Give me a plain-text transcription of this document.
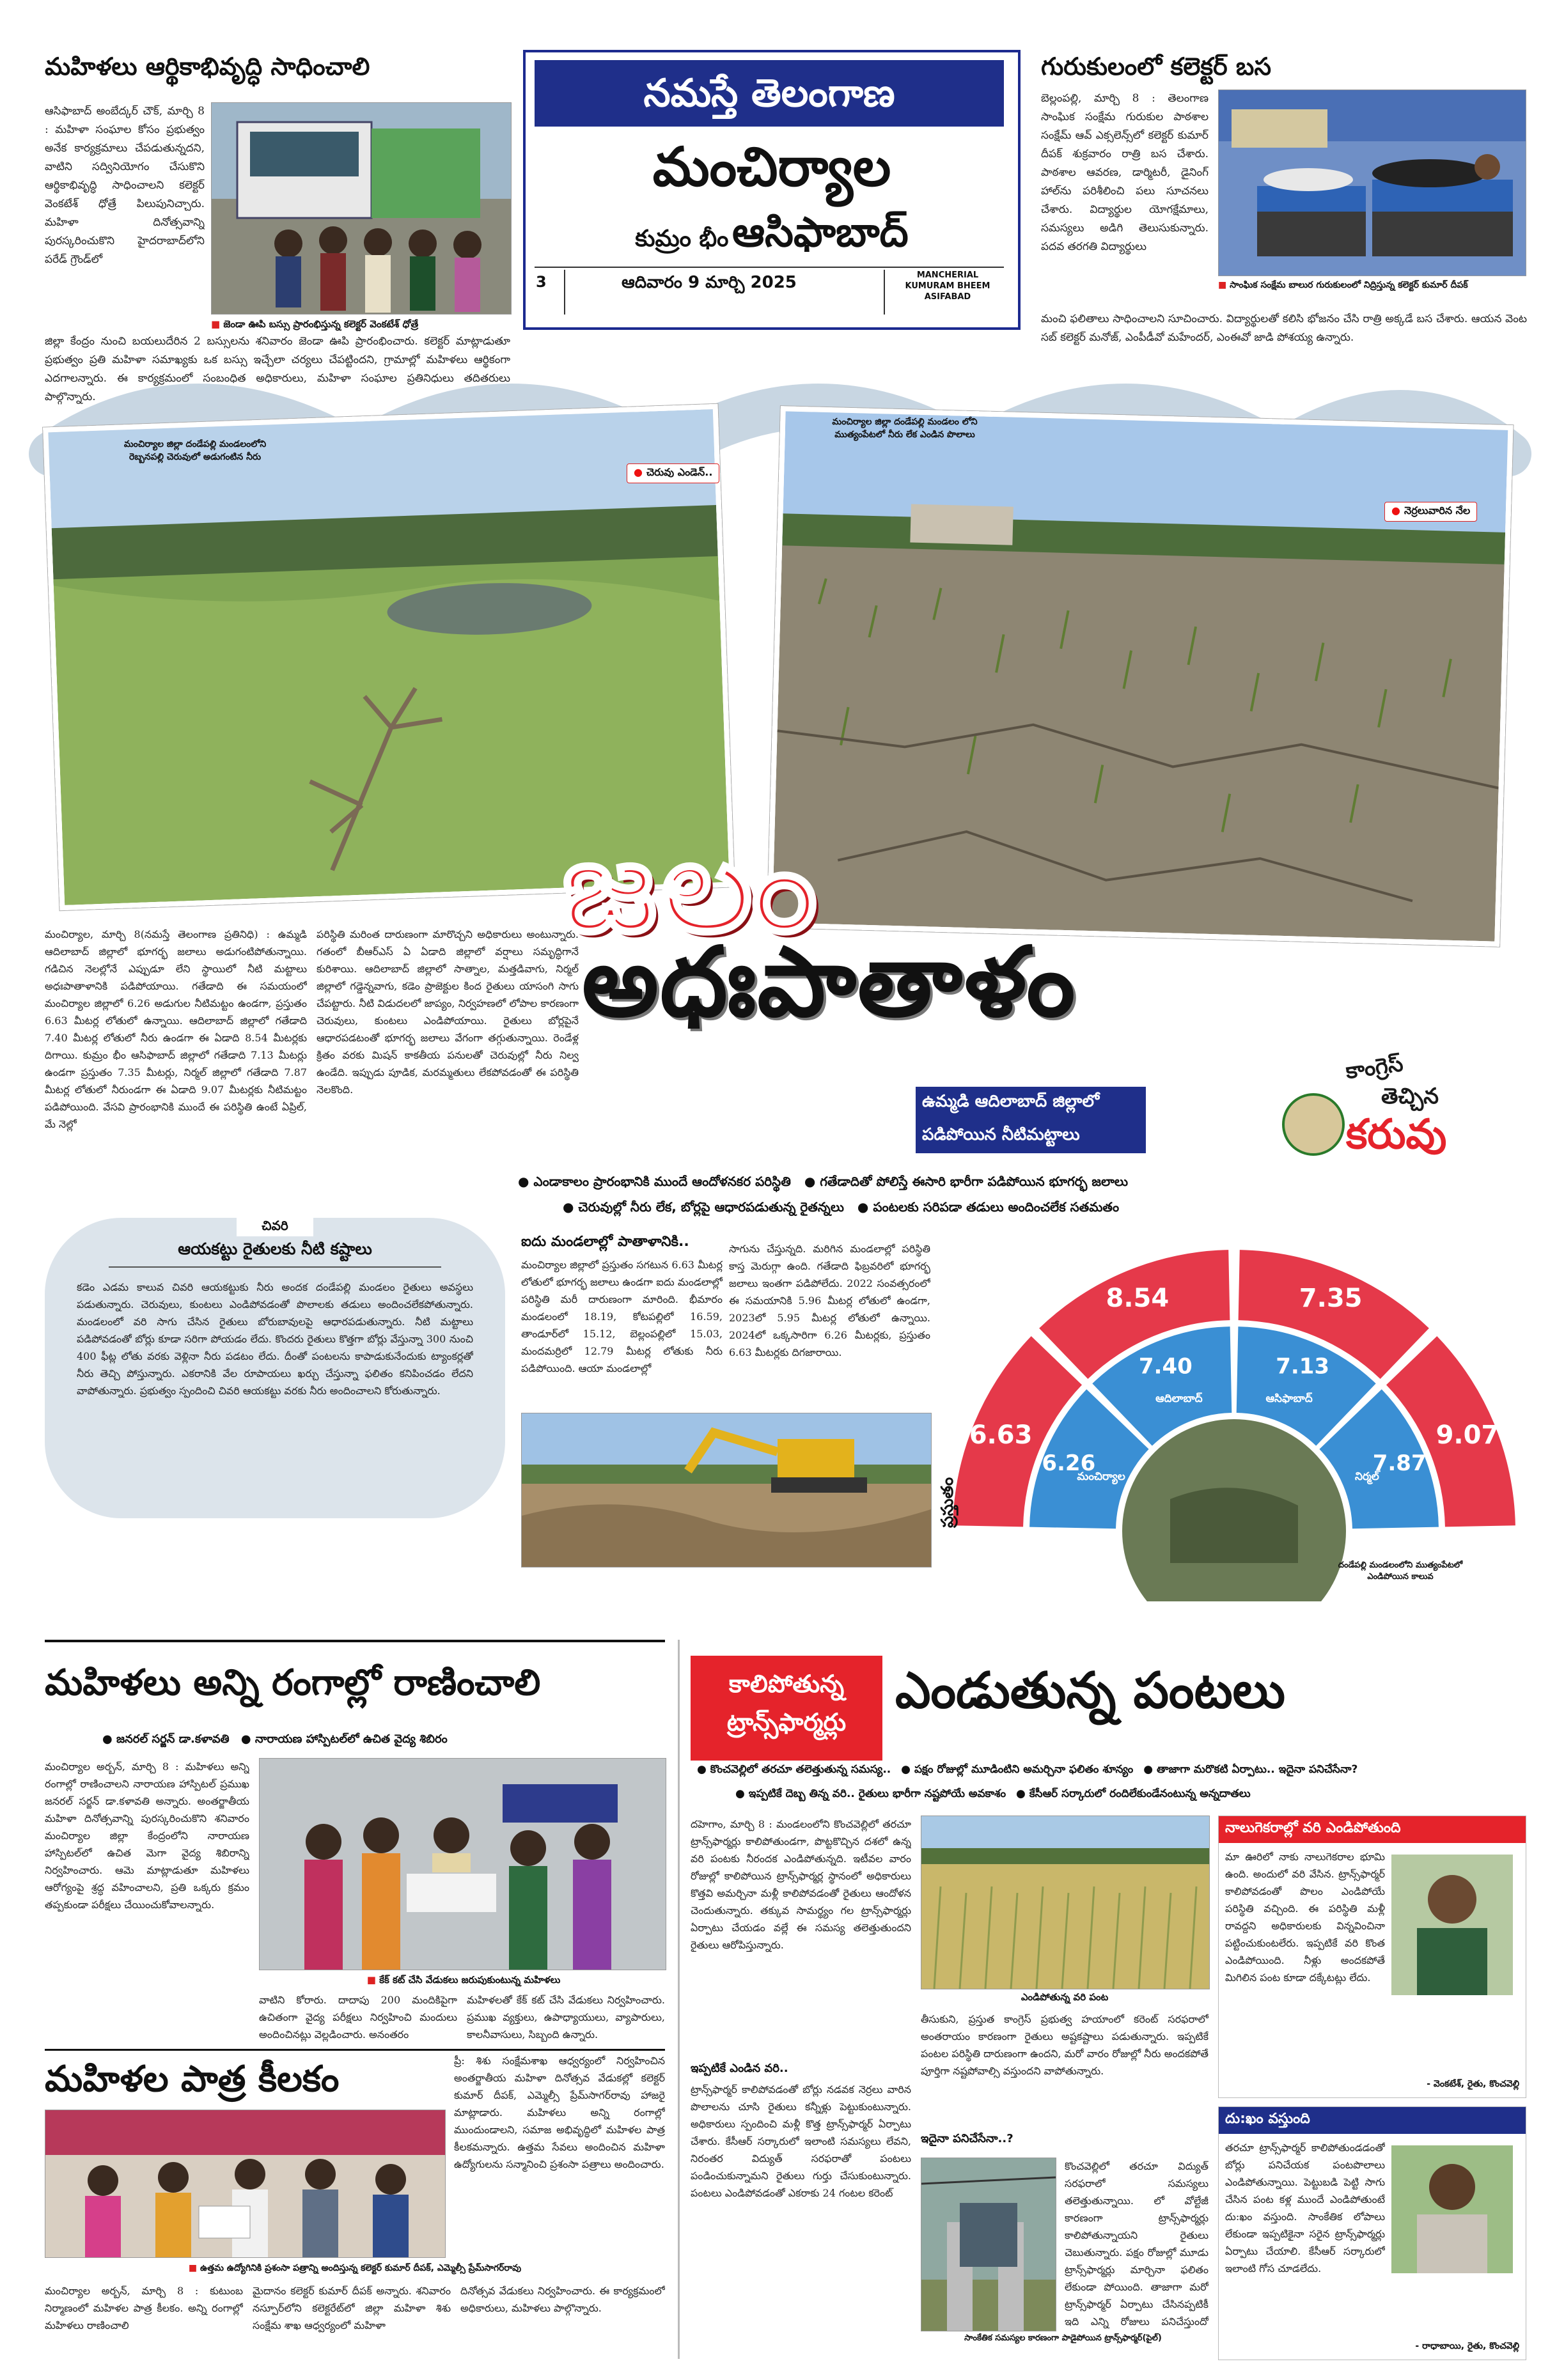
మహిళలు ఆర్థికాభివృద్ధి సాధించాలి
ఆసిఫాబాద్ అంబేద్కర్ చౌక్, మార్చి 8 : మహిళా సంఘాల కోసం ప్రభుత్వం అనేక కార్యక్రమాలు చేపడుతున్నదని, వాటిని సద్వినియోగం చేసుకొని ఆర్థికాభివృద్ధి సాధించాలని కలెక్టర్ వెంకటేశ్ ధోత్రే పిలుపునిచ్చారు. మహిళా దినోత్సవాన్ని పురస్కరించుకొని హైదరాబాద్‌లోని పరేడ్ గ్రౌండ్‌లో
■ జెండా ఊపి బస్సు ప్రారంభిస్తున్న కలెక్టర్ వెంకటేశ్ ధోత్రే
జిల్లా కేంద్రం నుంచి బయలుదేరిన 2 బస్సులను శనివారం జెండా ఊపి ప్రారంభించారు. కలెక్టర్ మాట్లాడుతూ ప్రభుత్వం ప్రతి మహిళా సమాఖ్యకు ఒక బస్సు ఇచ్చేలా చర్యలు చేపట్టిందని, గ్రామాల్లో మహిళలు ఆర్థికంగా ఎదగాలన్నారు. ఈ కార్యక్రమంలో సంబంధిత అధికారులు, మహిళా సంఘాల ప్రతినిధులు తదితరులు పాల్గొన్నారు.
నమస్తే తెలంగాణ
మంచిర్యాల
కుమ్రం భీం ఆసిఫాబాద్
3	ఆదివారం 9 మార్చి 2025	MANCHERIAL
KUMURAM BHEEM
ASIFABAD
గురుకులంలో కలెక్టర్ బస
బెల్లంపల్లి, మార్చి 8 : తెలంగాణ సాంఘిక సంక్షేమ గురుకుల పాఠశాల సంక్షేమ్ ఆవ్ ఎక్సలెన్స్‌లో కలెక్టర్ కుమార్ దీపక్ శుక్రవారం రాత్రి బస చేశారు. పాఠశాల ఆవరణ, డార్మిటరీ, డైనింగ్ హాల్‌ను పరిశీలించి పలు సూచనలు చేశారు. విద్యార్థుల యోగక్షేమాలు, సమస్యలు అడిగి తెలుసుకున్నారు. పదవ తరగతి విద్యార్థులు
■ సాంఘిక సంక్షేమ బాలుర గురుకులంలో నిద్రిస్తున్న కలెక్టర్ కుమార్ దీపక్
మంచి ఫలితాలు సాధించాలని సూచించారు. విద్యార్థులతో కలిసి భోజనం చేసి రాత్రి అక్కడే బస చేశారు. ఆయన వెంట సబ్ కలెక్టర్ మనోజ్, ఎంపీడీవో మహేందర్, ఎంఈవో జాడి పోశయ్య ఉన్నారు.
మంచిర్యాల జిల్లా దండేపల్లి మండలంలోని రెబ్బనపల్లి చెరువులో అడుగంటిన నీరు
● చెరువు ఎండెన్..
మంచిర్యాల జిల్లా దండేపల్లి మండలం లోని ముత్యంపేటలో నీరు లేక ఎండిన పొలాలు
● నెర్రలువారిన నేల
జలం
అధఃపాతాళం
ఉమ్మడి ఆదిలాబాద్ జిల్లాలో
పడిపోయిన నీటిమట్టాలు
కాంగ్రెస్
తెచ్చిన
కరువు
మంచిర్యాల, మార్చి 8(నమస్తే తెలంగాణ ప్రతినిధి) : ఉమ్మడి ఆదిలాబాద్ జిల్లాలో భూగర్భ జలాలు అడుగంటిపోతున్నాయి. గడిచిన నెలల్లోనే ఎప్పుడూ లేని స్థాయిలో నీటి మట్టాలు అధఃపాతాళానికి పడిపోయాయి. గతేడాది ఈ సమయంలో మంచిర్యాల జిల్లాలో 6.26 అడుగుల నీటిమట్టం ఉండగా, ప్రస్తుతం 6.63 మీటర్ల లోతులో ఉన్నాయి. ఆదిలాబాద్ జిల్లాలో గతేడాది 7.40 మీటర్ల లోతులో నీరు ఉండగా ఈ ఏడాది 8.54 మీటర్లకు దిగాయి. కుమ్రం భీం ఆసిఫాబాద్ జిల్లాలో గతేడాది 7.13 మీటర్లు ఉండగా ప్రస్తుతం 7.35 మీటర్లు, నిర్మల్ జిల్లాలో గతేడాది 7.87 మీటర్ల లోతులో నీరుండగా ఈ ఏడాది 9.07 మీటర్లకు నీటిమట్టం పడిపోయింది. వేసవి ప్రారంభానికి ముందే ఈ పరిస్థితి ఉంటే ఏప్రిల్, మే నెల్లో
పరిస్థితి మరింత దారుణంగా మారొచ్చని అధికారులు అంటున్నారు. గతంలో బీఆర్‌ఎస్ ఏ ఏడాది జిల్లాలో వర్షాలు సమృద్ధిగానే కురిశాయి. ఆదిలాబాద్ జిల్లాలో సాత్నాల, మత్తడివాగు, నిర్మల్ జిల్లాలో గడ్డెన్నవాగు, కడెం ప్రాజెక్టుల కింద రైతులు యాసంగి సాగు చేపట్టారు. నీటి విడుదలలో జాప్యం, నిర్వహణలో లోపాల కారణంగా చెరువులు, కుంటలు ఎండిపోయాయి. రైతులు బోర్లపైనే ఆధారపడటంతో భూగర్భ జలాలు వేగంగా తగ్గుతున్నాయి. రెండేళ్ల క్రితం వరకు మిషన్ కాకతీయ పనులతో చెరువుల్లో నీరు నిల్వ ఉండేది. ఇప్పుడు పూడిక, మరమ్మతులు లేకపోవడంతో ఈ పరిస్థితి నెలకొంది.
● ఎండాకాలం ప్రారంభానికి ముందే ఆందోళనకర పరిస్థితి ● గతేడాదితో పోలిస్తే ఈసారి భారీగా పడిపోయిన భూగర్భ జలాలు
● చెరువుల్లో నీరు లేక, బోర్లపై ఆధారపడుతున్న రైతన్నలు ● పంటలకు సరిపడా తడులు అందించలేక సతమతం
చివరి
ఆయకట్టు రైతులకు నీటి కష్టాలు
కడెం ఎడమ కాలువ చివరి ఆయకట్టుకు నీరు అందక దండేపల్లి మండలం రైతులు అవస్థలు పడుతున్నారు. చెరువులు, కుంటలు ఎండిపోవడంతో పొలాలకు తడులు అందించలేకపోతున్నారు. మండలంలో వరి సాగు చేసిన రైతులు బోరుబావులపై ఆధారపడుతున్నారు. నీటి మట్టాలు పడిపోవడంతో బోర్లు కూడా సరిగా పోయడం లేదు. కొందరు రైతులు కొత్తగా బోర్లు వేస్తున్నా 300 నుంచి 400 ఫీట్ల లోతు వరకు వెళ్లినా నీరు పడటం లేదు. దీంతో పంటలను కాపాడుకునేందుకు ట్యాంకర్లతో నీరు తెచ్చి పోస్తున్నారు. ఎకరానికి వేల రూపాయలు ఖర్చు చేస్తున్నా ఫలితం కనిపించడం లేదని వాపోతున్నారు. ప్రభుత్వం స్పందించి చివరి ఆయకట్టు వరకు నీరు అందించాలని కోరుతున్నారు.
ఐదు మండలాల్లో పాతాళానికి..
మంచిర్యాల జిల్లాలో ప్రస్తుతం సగటున 6.63 మీటర్ల లోతులో భూగర్భ జలాలు ఉండగా ఐదు మండలాల్లో పరిస్థితి మరీ దారుణంగా మారింది. భీమారం మండలంలో 18.19, కోటపల్లిలో 16.59, తాండూర్‌లో 15.12, బెల్లంపల్లిలో 15.03, మందమర్రిలో 12.79 మీటర్ల లోతుకు నీరు పడిపోయింది. ఆయా మండలాల్లో
సాగును చేస్తున్నది. మరిగిన మండలాల్లో పరిస్థితి కాస్త మెరుగ్గా ఉంది. గతేడాది ఫిబ్రవరిలో భూగర్భ జలాలు ఇంతగా పడిపోలేదు. 2022 సంవత్సరంలో ఈ సమయానికి 5.96 మీటర్ల లోతులో ఉండగా, 2023లో 5.95 మీటర్ల లోతులో ఉన్నాయి. 2024లో ఒక్కసారిగా 6.26 మీటర్లకు, ప్రస్తుతం 6.63 మీటర్లకు దిగజారాయి.
6.63
6.26
మంచిర్యాల
8.54
7.40
ఆదిలాబాద్
7.35
7.13
ఆసిఫాబాద్
9.07
7.87
నిర్మల్
ప్రస్తుతం
దండేపల్లి మండలంలోని ముత్యంపేటలో ఎండిపోయిన కాలువ
మహిళలు అన్ని రంగాల్లో రాణించాలి
● జనరల్ సర్జన్ డా.కళావతి ● నారాయణ హాస్పిటల్‌లో ఉచిత వైద్య శిబిరం
మంచిర్యాల అర్బన్, మార్చి 8 : మహిళలు అన్ని రంగాల్లో రాణించాలని నారాయణ హాస్పిటల్ ప్రముఖ జనరల్ సర్జన్ డా.కళావతి అన్నారు. అంతర్జాతీయ మహిళా దినోత్సవాన్ని పురస్కరించుకొని శనివారం మంచిర్యాల జిల్లా కేంద్రంలోని నారాయణ హాస్పిటల్‌లో ఉచిత మెగా వైద్య శిబిరాన్ని నిర్వహించారు. ఆమె మాట్లాడుతూ మహిళలు ఆరోగ్యంపై శ్రద్ధ వహించాలని, ప్రతి ఒక్కరు క్రమం తప్పకుండా పరీక్షలు చేయించుకోవాలన్నారు.
■ కేక్ కట్ చేసి వేడుకలు జరుపుకుంటున్న మహిళలు
వాటిని కోరారు. దాదాపు 200 మందికిపైగా ఉచితంగా వైద్య పరీక్షలు నిర్వహించి మందులు అందించినట్లు వెల్లడించారు. అనంతరం
మహిళలతో కేక్ కట్ చేసి వేడుకలు నిర్వహించారు. ప్రముఖ వ్యక్తులు, ఉపాధ్యాయులు, వ్యాపారులు, కాలనీవాసులు, సిబ్బంది ఉన్నారు.
మహిళల పాత్ర కీలకం	ప్రీ: శిశు సంక్షేమశాఖ ఆధ్వర్యంలో నిర్వహించిన అంతర్జాతీయ మహిళా దినోత్సవ వేడుకల్లో కలెక్టర్ కుమార్ దీపక్, ఎమ్మెల్సీ ప్రేమ్‌సాగర్‌రావు హాజరై మాట్లాడారు. మహిళలు అన్ని రంగాల్లో ముందుండాలని, సమాజ అభివృద్ధిలో మహిళల పాత్ర కీలకమన్నారు. ఉత్తమ సేవలు అందించిన మహిళా ఉద్యోగులను సన్మానించి ప్రశంసా పత్రాలు అందించారు.
■ ఉత్తమ ఉద్యోగినికి ప్రశంసా పత్రాన్ని అందిస్తున్న కలెక్టర్ కుమార్ దీపక్, ఎమ్మెల్సీ ప్రేమ్‌సాగర్‌రావు
మంచిర్యాల అర్బన్, మార్చి 8 : కుటుంబ నిర్మాణంలో మహిళల పాత్ర కీలకం. అన్ని రంగాల్లో మహిళలు రాణించాలి
మైదానం కలెక్టర్ కుమార్ దీపక్ అన్నారు. శనివారం నస్పూర్‌లోని కలెక్టరేట్‌లో జిల్లా మహిళా శిశు సంక్షేమ శాఖ ఆధ్వర్యంలో మహిళా
దినోత్సవ వేడుకలు నిర్వహించారు. ఈ కార్యక్రమంలో అధికారులు, మహిళలు పాల్గొన్నారు.
కాలిపోతున్న ట్రాన్స్‌ఫార్మర్లు
ఎండుతున్న పంటలు
● కొంచవెల్లిలో తరచూ తలెత్తుతున్న సమస్య.. ● పక్షం రోజుల్లో మూడింటిని అమర్చినా ఫలితం శూన్యం ● తాజాగా మరొకటి ఏర్పాటు.. ఇదైనా పనిచేసేనా?
● ఇప్పటికే దెబ్బ తిన్న వరి.. రైతులు భారీగా నష్టపోయే అవకాశం ● కేసీఆర్ సర్కారులో రందిలేకుండేనంటున్న అన్నదాతలు
దహెగాం, మార్చి 8 : మండలంలోని కొంచవెల్లిలో తరచూ ట్రాన్స్‌ఫార్మర్లు కాలిపోతుండగా, పొట్టకొచ్చిన దశలో ఉన్న వరి పంటకు నీరందక ఎండిపోతున్నది. ఇటీవల వారం రోజుల్లో కాలిపోయిన ట్రాన్స్‌ఫార్మర్ల స్థానంలో అధికారులు కొత్తవి అమర్చినా మళ్లీ కాలిపోవడంతో రైతులు ఆందోళన చెందుతున్నారు. తక్కువ సామర్థ్యం గల ట్రాన్స్‌ఫార్మర్లు ఏర్పాటు చేయడం వల్లే ఈ సమస్య తలెత్తుతుందని రైతులు ఆరోపిస్తున్నారు.
ఎండిపోతున్న వరి పంట
ఇప్పటికే ఎండిన వరి..
తీసుకుని, ప్రస్తుత కాంగ్రెస్ ప్రభుత్వ హయాంలో కరెంట్ సరఫరాలో అంతరాయం కారణంగా రైతులు అష్టకష్టాలు పడుతున్నారు. ఇప్పటికే పంటల పరిస్థితి దారుణంగా ఉందని, మరో వారం రోజుల్లో నీరు అందకపోతే పూర్తిగా నష్టపోవాల్సి వస్తుందని వాపోతున్నారు.
ట్రాన్స్‌ఫార్మర్ కాలిపోవడంతో బోర్లు నడవక నెర్రలు వారిన పొలాలను చూసి రైతులు కన్నీళ్లు పెట్టుకుంటున్నారు. అధికారులు స్పందించి మళ్లీ కొత్త ట్రాన్స్‌ఫార్మర్ ఏర్పాటు చేశారు. కేసీఆర్ సర్కారులో ఇలాంటి సమస్యలు లేవని, నిరంతర విద్యుత్ సరఫరాతో పంటలు పండించుకున్నామని రైతులు గుర్తు చేసుకుంటున్నారు. పంటలు ఎండిపోవడంతో ఎకరాకు 24 గంటల కరెంట్
ఇదైనా పనిచేసేనా..?
సాంకేతిక సమస్యల కారణంగా పాడైపోయిన ట్రాన్స్‌ఫార్మర్(పైల్)
కొంచవెల్లిలో తరచూ విద్యుత్ సరఫరాలో సమస్యలు తలెత్తుతున్నాయి. లో వోల్టేజీ కారణంగా ట్రాన్స్‌ఫార్మర్లు కాలిపోతున్నాయని రైతులు చెబుతున్నారు. పక్షం రోజుల్లో మూడు ట్రాన్స్‌ఫార్మర్లు మార్చినా ఫలితం లేకుండా పోయింది. తాజాగా మరో ట్రాన్స్‌ఫార్మర్ ఏర్పాటు చేసినప్పటికీ ఇది ఎన్ని రోజులు పనిచేస్తుందో
నాలుగెకరాల్లో వరి ఎండిపోతుంది
మా ఊరిలో నాకు నాలుగెకరాల భూమి ఉంది. అందులో వరి వేసిన. ట్రాన్స్‌ఫార్మర్ కాలిపోవడంతో పొలం ఎండిపోయే పరిస్థితి వచ్చింది. ఈ పరిస్థితి మళ్లీ రావద్దని అధికారులకు విన్నవించినా పట్టించుకుంటలేరు. ఇప్పటికే వరి కొంత ఎండిపోయింది. నీళ్లు అందకపోతే మిగిలిన పంట కూడా దక్కేటట్లు లేదు.
- వెంకటేశ్, రైతు, కొంచవెల్లి
దు:ఖం వస్తుంది
తరచూ ట్రాన్స్‌ఫార్మర్ కాలిపోతుండడంతో బోర్లు పనిచేయక పంటపొలాలు ఎండిపోతున్నాయి. పెట్టుబడి పెట్టి సాగు చేసిన పంట కళ్ల ముందే ఎండిపోతుంటే దు:ఖం వస్తుంది. సాంకేతిక లోపాలు లేకుండా ఇప్పటికైనా సరైన ట్రాన్స్‌ఫార్మర్లు ఏర్పాటు చేయాలి. కేసీఆర్ సర్కారులో ఇలాంటి గోస చూడలేదు.
- రాధాబాయి, రైతు, కొంచవెల్లి
